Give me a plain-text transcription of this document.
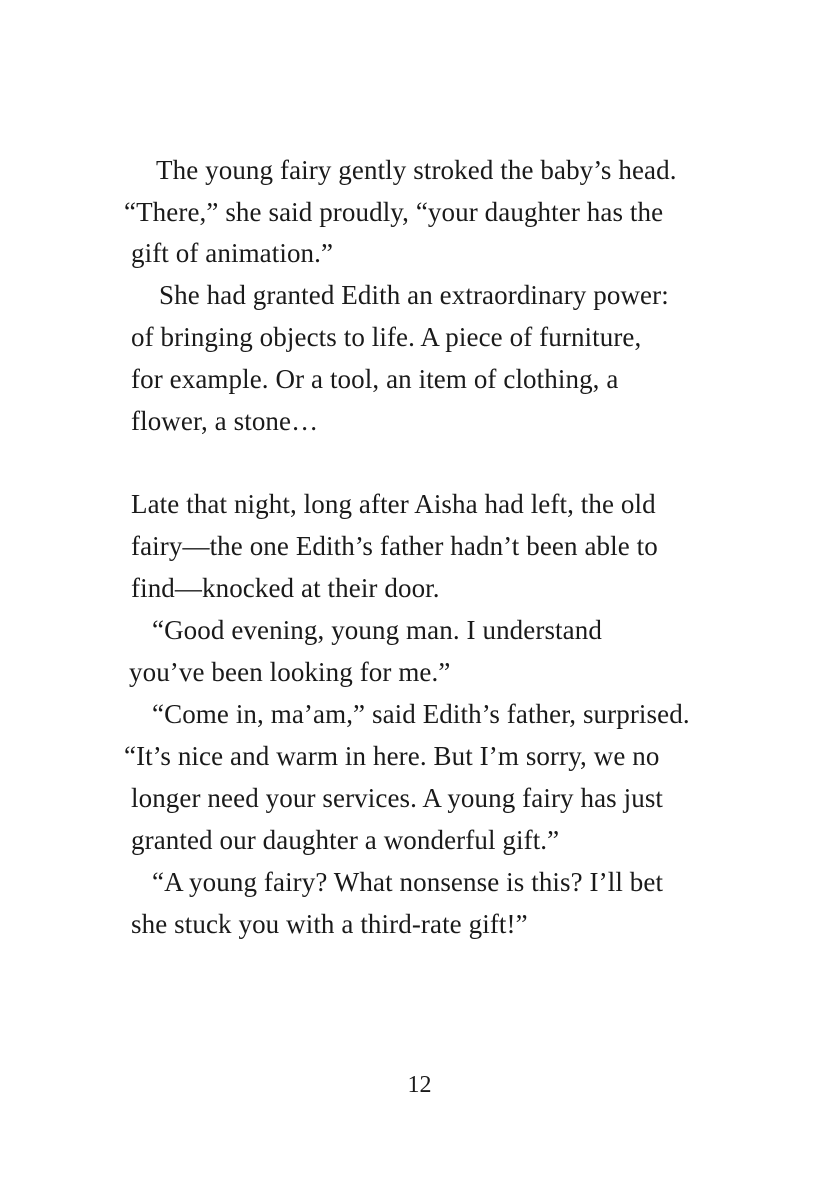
The young fairy gently stroked the baby’s head.
“There,” she said proudly, “your daughter has the
gift of animation.”
She had granted Edith an extraordinary power:
of bringing objects to life. A piece of furniture,
for example. Or a tool, an item of clothing, a
flower, a stone…
Late that night, long after Aisha had left, the old
fairy—the one Edith’s father hadn’t been able to
find—knocked at their door.
“Good evening, young man. I understand
you’ve been looking for me.”
“Come in, ma’am,” said Edith’s father, surprised.
“It’s nice and warm in here. But I’m sorry, we no
longer need your services. A young fairy has just
granted our daughter a wonderful gift.”
“A young fairy? What nonsense is this? I’ll bet
she stuck you with a third-rate gift!”
12
